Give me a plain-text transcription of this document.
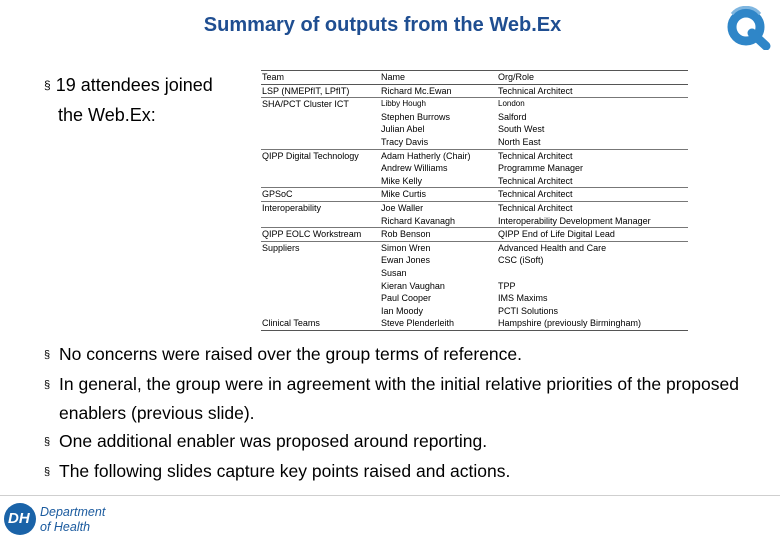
Summary of outputs from the Web.Ex
§ 19 attendees joined
the Web.Ex:
Team	Name	Org/Role
LSP (NMEPfIT, LPfIT)	Richard Mc.Ewan	Technical Architect
SHA/PCT Cluster ICT	Libby Hough	London
	Stephen Burrows	Salford
	Julian Abel	South West
	Tracy Davis	North East
QIPP Digital Technology	Adam Hatherly (Chair)	Technical Architect
	Andrew Williams	Programme Manager
	Mike Kelly	Technical Architect
GPSoC	Mike Curtis	Technical Architect
Interoperability	Joe Waller	Technical Architect
	Richard Kavanagh	Interoperability Development Manager
QIPP EOLC Workstream	Rob Benson	QIPP End of Life Digital Lead
Suppliers	Simon Wren	Advanced Health and Care
	Ewan Jones	CSC (iSoft)
	Susan	
	Kieran Vaughan	TPP
	Paul Cooper	IMS Maxims
	Ian Moody	PCTI Solutions
Clinical Teams	Steve Plenderleith	Hampshire (previously Birmingham)
§ No concerns were raised over the group terms of reference.
§ In general, the group were in agreement with the initial relative priorities of the proposed enablers (previous slide).
§ One additional enabler was proposed around reporting.
§ The following slides capture key points raised and actions.
DH Department
of Health
